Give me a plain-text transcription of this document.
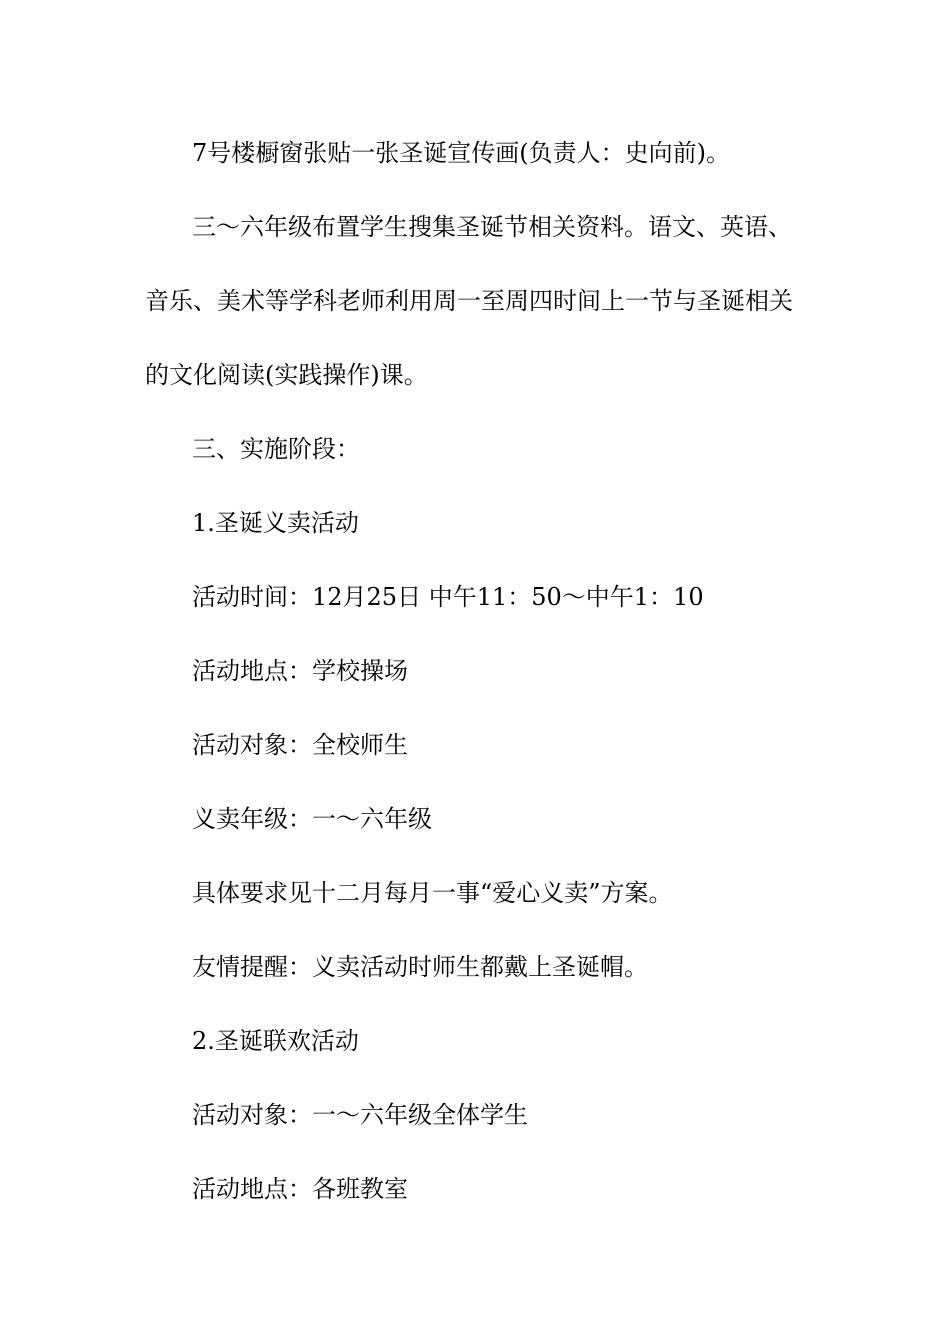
7号楼橱窗张贴一张圣诞宣传画(负责人：史向前)。
三～六年级布置学生搜集圣诞节相关资料。语文、英语、
音乐、美术等学科老师利用周一至周四时间上一节与圣诞相关
的文化阅读(实践操作)课。
三、实施阶段：
1.圣诞义卖活动
活动时间：12月25日 中午11：50～中午1：10
活动地点：学校操场
活动对象：全校师生
义卖年级：一～六年级
具体要求见十二月每月一事“爱心义卖”方案。
友情提醒：义卖活动时师生都戴上圣诞帽。
2.圣诞联欢活动
活动对象：一～六年级全体学生
活动地点：各班教室
